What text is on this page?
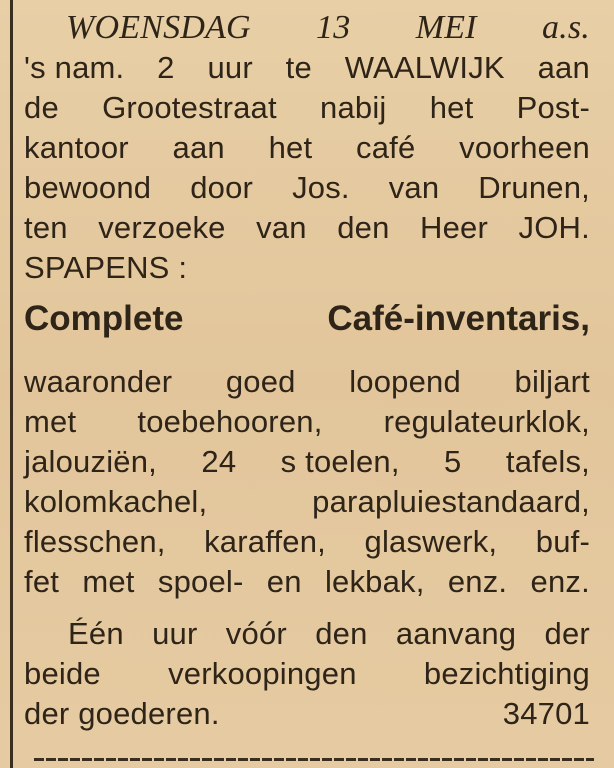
WOENSDAG 13 MEI a.s.
's nam. 2 uur te WAALWIJK aan
de Grootestraat nabij het Post-
kantoor aan het café voorheen
bewoond door Jos. van Drunen,
ten verzoeke van den Heer JOH.
SPAPENS :
Complete	Café-inventaris,
waaronder goed loopend biljart
met toebehooren, regulateurklok,
jalouziën, 24 s toelen, 5 tafels,
kolomkachel,	parapluiestandaard,
flesschen, karaffen, glaswerk, buf-
fet met spoel- en lekbak, enz. enz.
Één uur vóór den aanvang der
beide verkoopingen bezichtiging
der goederen.	34701
